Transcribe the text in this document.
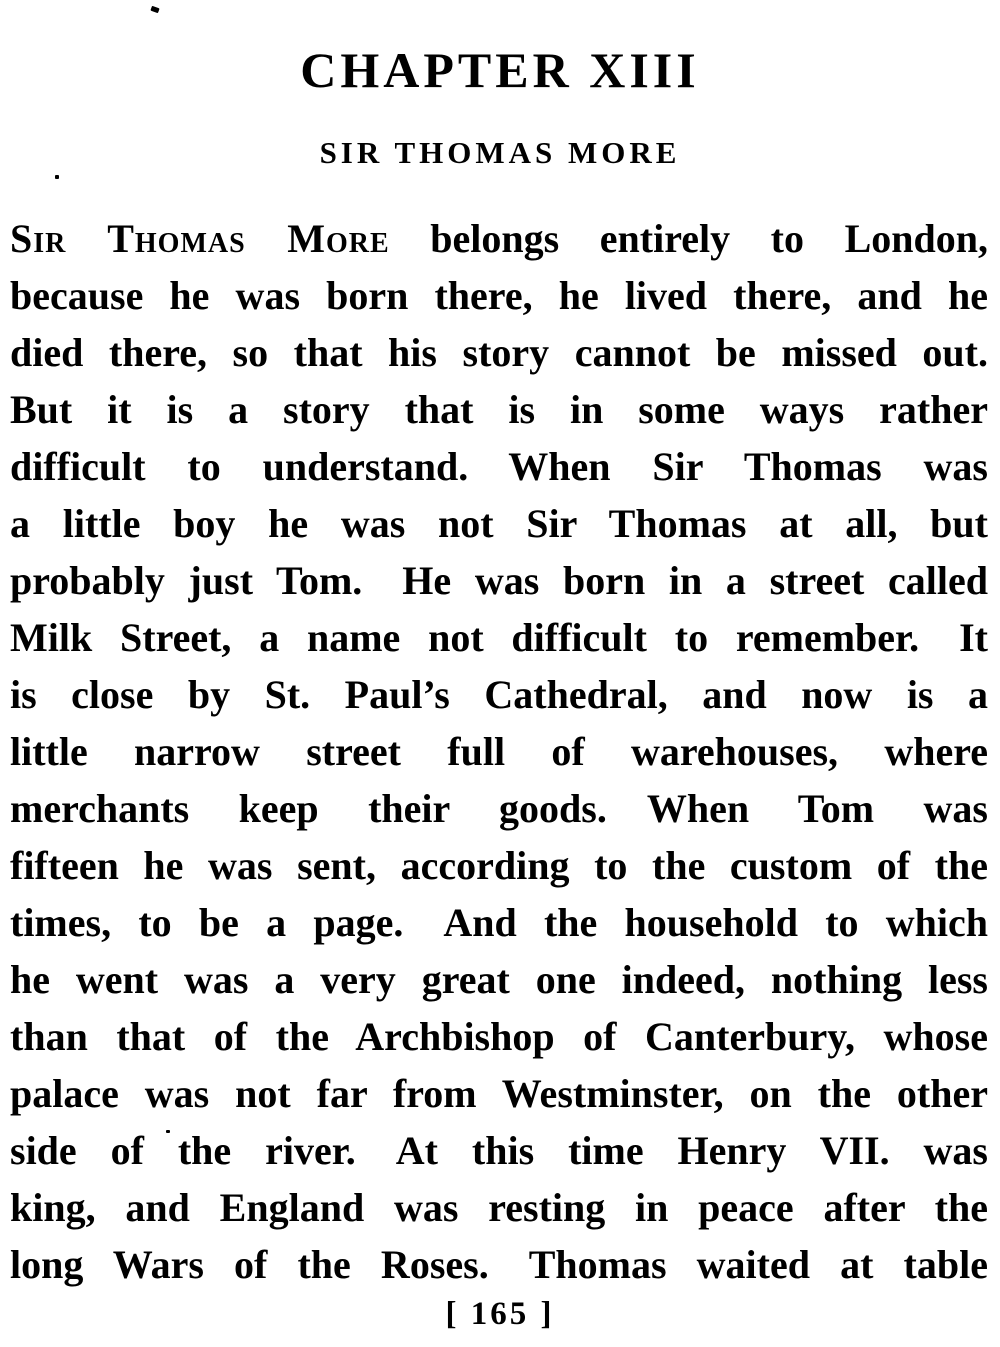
CHAPTER XIII
SIR THOMAS MORE
Sir Thomas More belongs entirely to London,
because he was born there, he lived there, and he
died there, so that his story cannot be missed out.
But it is a story that is in some ways rather
difficult to understand. When Sir Thomas was
a little boy he was not Sir Thomas at all, but
probably just Tom. He was born in a street called
Milk Street, a name not difficult to remember. It
is close by St. Paul’s Cathedral, and now is a
little narrow street full of warehouses, where
merchants keep their goods. When Tom was
fifteen he was sent, according to the custom of the
times, to be a page. And the household to which
he went was a very great one indeed, nothing less
than that of the Archbishop of Canterbury, whose
palace was not far from Westminster, on the other
side of the river. At this time Henry VII. was
king, and England was resting in peace after the
long Wars of the Roses. Thomas waited at table
[ 165 ]
